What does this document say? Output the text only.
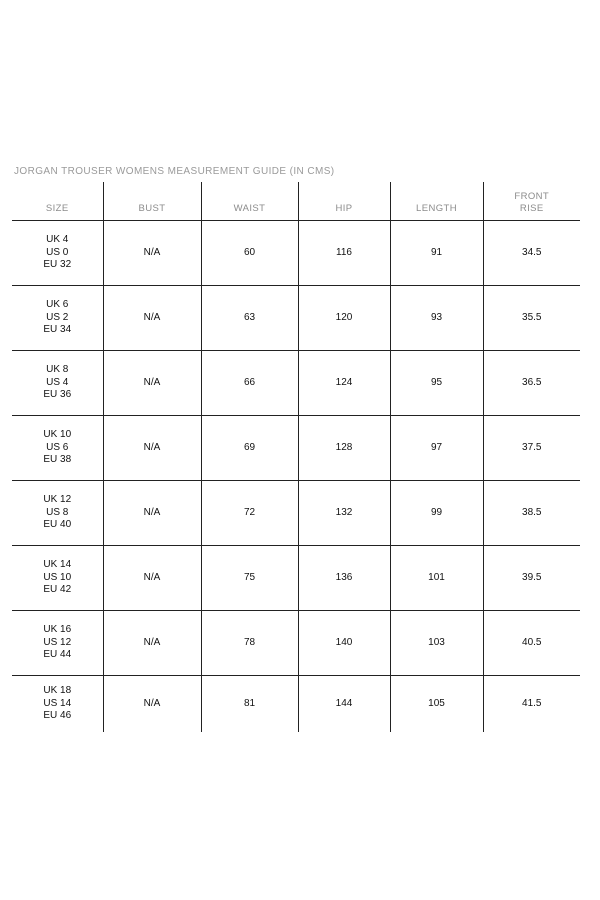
JORGAN TROUSER WOMENS MEASUREMENT GUIDE (IN CMS)
SIZE	BUST	WAIST	HIP	LENGTH	FRONT
RISE

UK 4
US 0
EU 32	N/A	60	116	91	34.5

UK 6
US 2
EU 34	N/A	63	120	93	35.5

UK 8
US 4
EU 36	N/A	66	124	95	36.5

UK 10
US 6
EU 38	N/A	69	128	97	37.5

UK 12
US 8
EU 40	N/A	72	132	99	38.5

UK 14
US 10
EU 42	N/A	75	136	101	39.5

UK 16
US 12
EU 44	N/A	78	140	103	40.5

UK 18
US 14
EU 46	N/A	81	144	105	41.5
